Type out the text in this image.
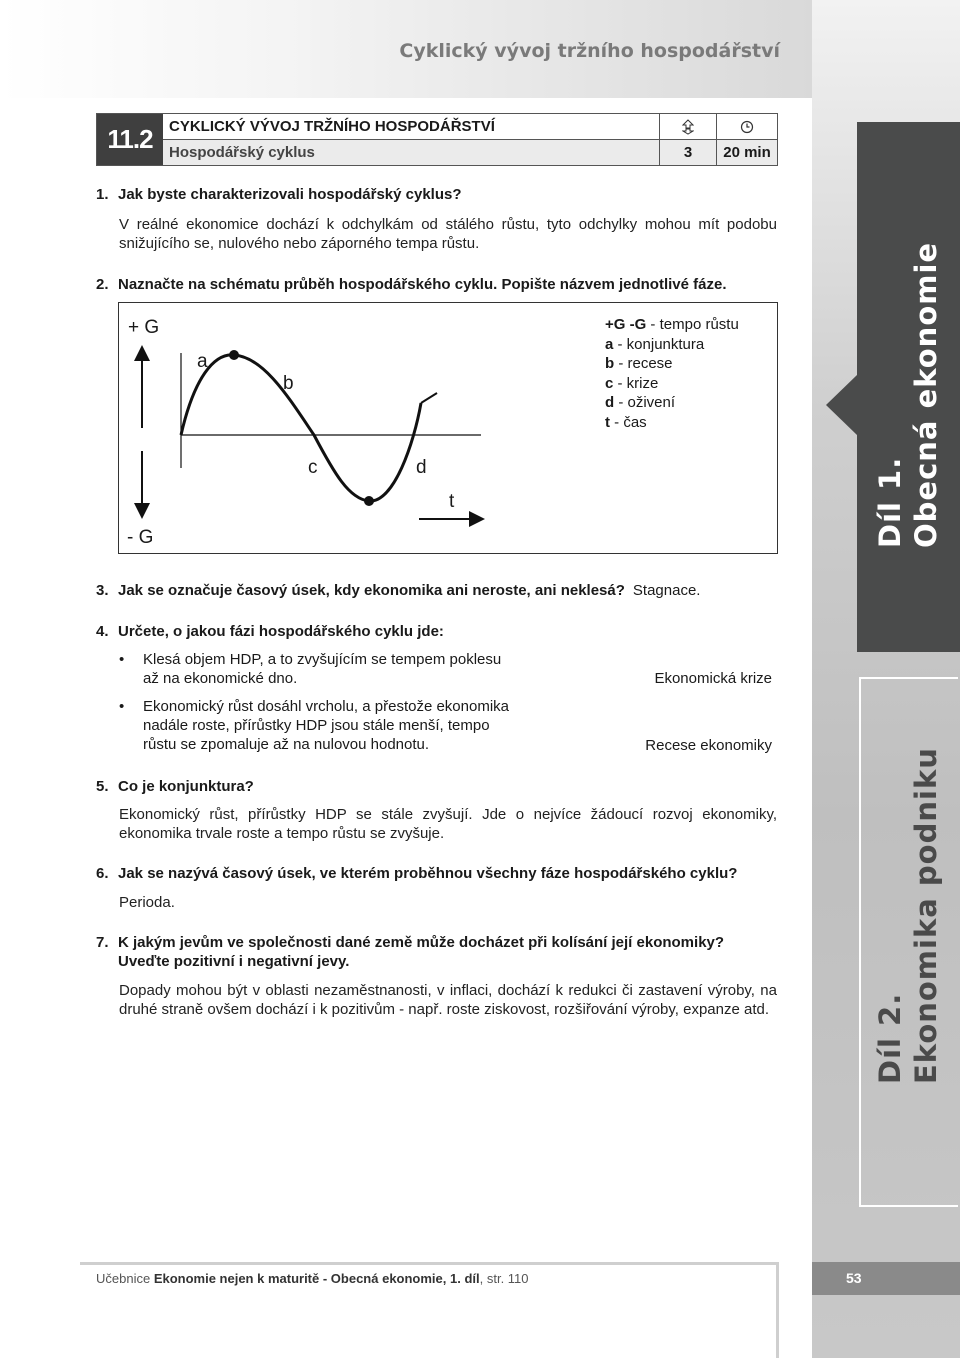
Cyklický vývoj tržního hospodářství
Díl 1.
Obecná ekonomie
Díl 2.
Ekonomika podniku
11.2	CYKLICKÝ VÝVOJ TRŽNÍHO HOSPODÁŘSTVÍ
Hospodářský cyklus	3	20 min
1. Jak byste charakterizovali hospodářský cyklus?
V reálné ekonomice dochází k odchylkám od stálého růstu, tyto odchylky mohou mít podobu snižujícího se, nulového nebo záporného tempa růstu.
2. Naznačte na schématu průběh hospodářského cyklu. Popište názvem jednotlivé fáze.
+ G
- G
a
b
c	d
t
+G -G - tempo růstu
a - konjunktura
b - recese
c - krize
d - oživení
t - čas
3. Jak se označuje časový úsek, kdy ekonomika ani neroste, ani neklesá? Stagnace.
4. Určete, o jakou fázi hospodářského cyklu jde:
• Klesá objem HDP, a to zvyšujícím se tempem poklesu
až na ekonomické dno.	Ekonomická krize
• Ekonomický růst dosáhl vrcholu, a přestože ekonomika
nadále roste, přírůstky HDP jsou stále menší, tempo
růstu se zpomaluje až na nulovou hodnotu.	Recese ekonomiky
5. Co je konjunktura?
Ekonomický růst, přírůstky HDP se stále zvyšují. Jde o nejvíce žádoucí rozvoj ekonomiky, ekonomika trvale roste a tempo růstu se zvyšuje.
6. Jak se nazývá časový úsek, ve kterém proběhnou všechny fáze hospodářského cyklu?
Perioda.
7. K jakým jevům ve společnosti dané země může docházet při kolísání její ekonomiky?
Uveďte pozitivní i negativní jevy.
Dopady mohou být v oblasti nezaměstnanosti, v inflaci, dochází k redukci či zastavení výroby, na druhé straně ovšem dochází i k pozitivům - např. roste ziskovost, rozšiřování výroby, expanze atd.
Učebnice Ekonomie nejen k maturitě - Obecná ekonomie, 1. díl, str. 110	53
